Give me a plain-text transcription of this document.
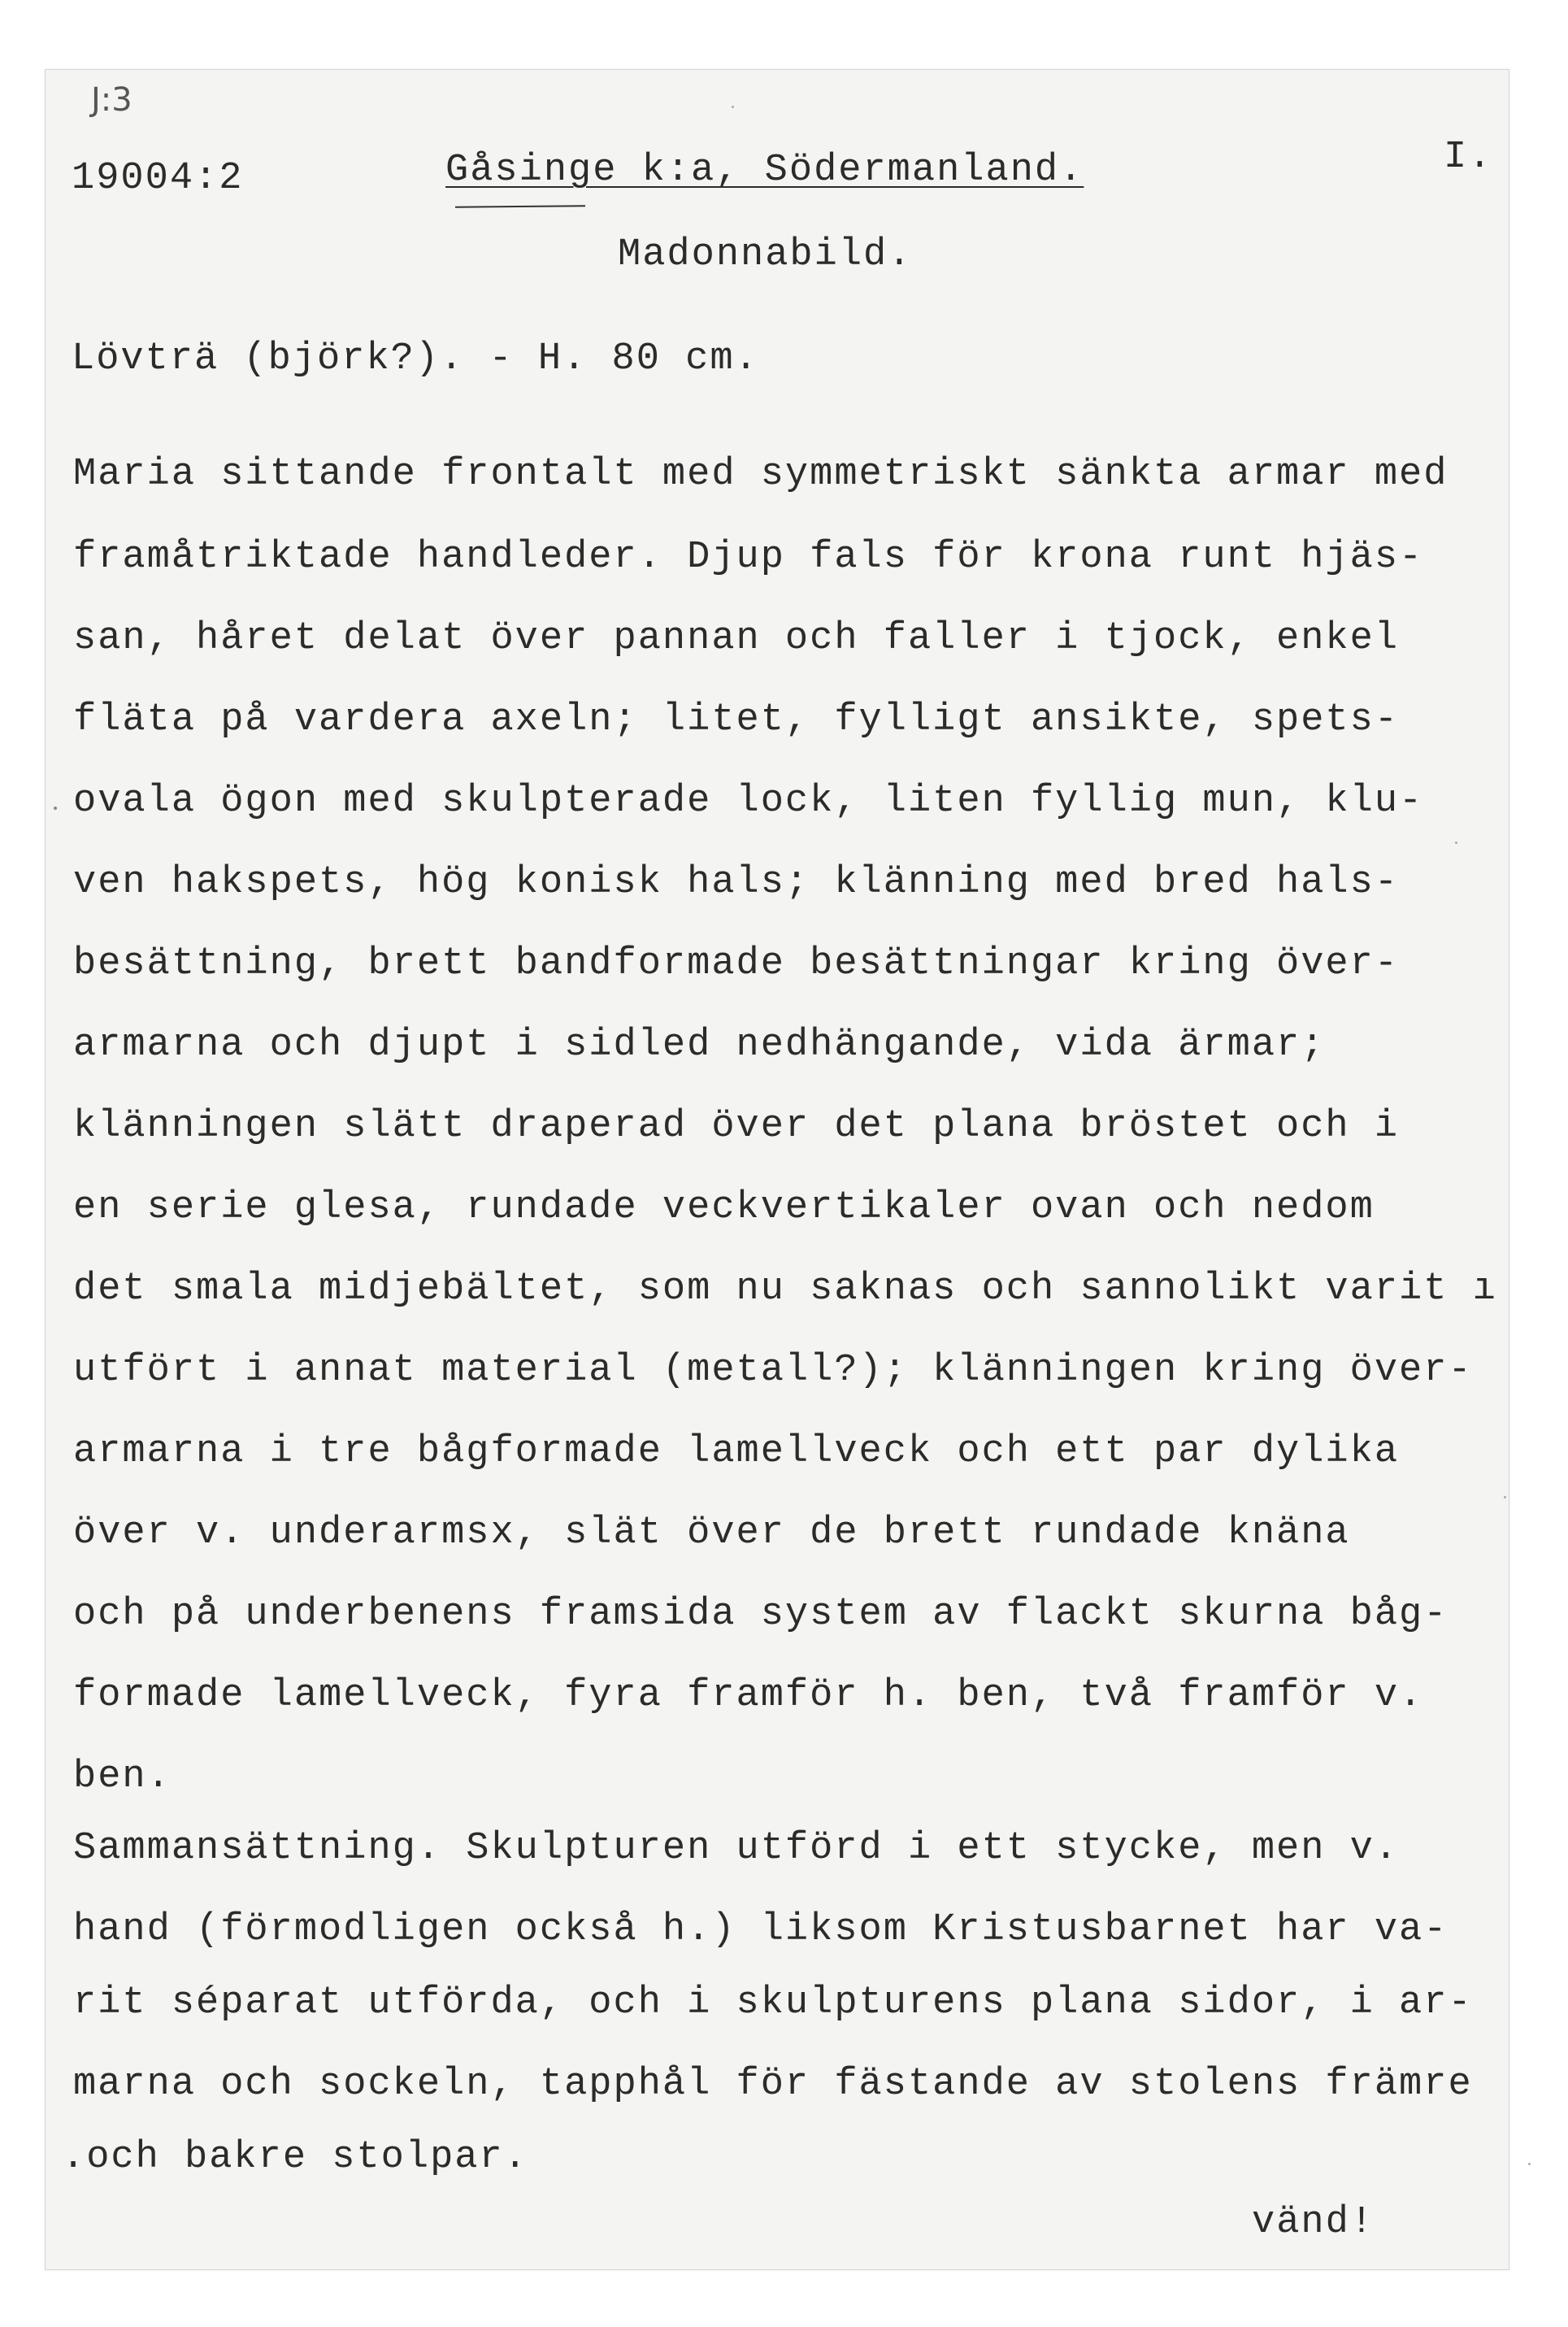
J:3
19004:2	Gåsinge k:a, Södermanland.	I.
Madonnabild.
Lövträ (björk?). - H. 80 cm.
Maria sittande frontalt med symmetriskt sänkta armar med
framåtriktade handleder. Djup fals för krona runt hjäs-
san, håret delat över pannan och faller i tjock, enkel
fläta på vardera axeln; litet, fylligt ansikte, spets-
ovala ögon med skulpterade lock, liten fyllig mun, klu-
ven hakspets, hög konisk hals; klänning med bred hals-
besättning, brett bandformade besättningar kring över-
armarna och djupt i sidled nedhängande, vida ärmar;
klänningen slätt draperad över det plana bröstet och i
en serie glesa, rundade veckvertikaler ovan och nedom
det smala midjebältet, som nu saknas och sannolikt varit ı
utfört i annat material (metall?); klänningen kring över-
armarna i tre bågformade lamellveck och ett par dylika
över v. underarmsx, slät över de brett rundade knäna
och på underbenens framsida system av flackt skurna båg-
formade lamellveck, fyra framför h. ben, två framför v.
ben.
Sammansättning. Skulpturen utförd i ett stycke, men v.
hand (förmodligen också h.) liksom Kristusbarnet har va-
rit séparat utförda, och i skulpturens plana sidor, i ar-
marna och sockeln, tapphål för fästande av stolens främre
.och bakre stolpar.
vänd!
